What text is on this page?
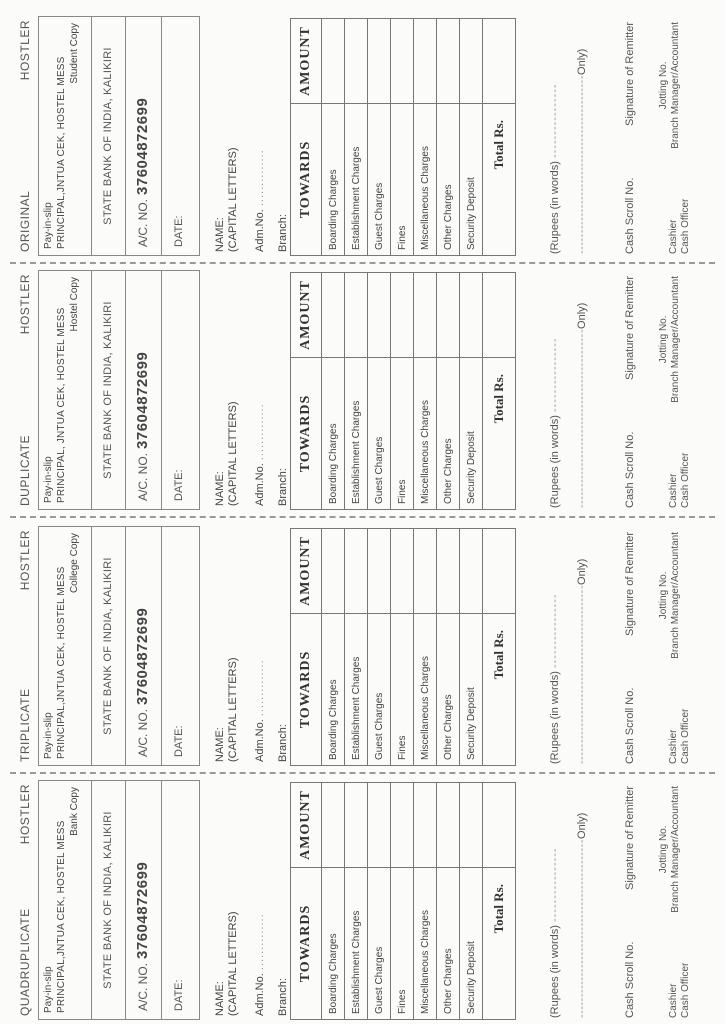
QUADRUPLICATE
HOSTLER
Pay-in-slip PRINCIPAL,JNTUA CEK, HOSTEL MESS
Bank Copy STATE BANK OF INDIA, KALIKIRI A/C. NO.37604872699
DATE:	NAME: (CAPITAL LETTERS) Adm.No. ..............
Branch:
TOWARDS	AMOUNT
Boarding Charges	
Establishment Charges	
Guest Charges	
Fines	
Miscellaneous Charges	
Other Charges	
Security Deposit	
Total Rs.	
(Rupees (in words) ---------------- -------------------------------------------Only)
Cash Scroll No.
Signature of Remitter
Cashier Cash Officer
Jotting No. Branch Manager/Accountant
TRIPLICATE
HOSTLER
Pay-in-slip PRINCIPAL,JNTUA CEK, HOSTEL MESS
College Copy STATE BANK OF INDIA, KALIKIRI A/C. NO.37604872699
DATE:	NAME: (CAPITAL LETTERS) Adm.No. ..............
Branch:
TOWARDS	AMOUNT
Boarding Charges	
Establishment Charges	
Guest Charges	
Fines	
Miscellaneous Charges	
Other Charges	
Security Deposit	
Total Rs.	
(Rupees (in words) ---------------- -------------------------------------------Only)
Cash Scroll No.
Signature of Remitter
Cashier Cash Officer
Jotting No. Branch Manager/Accountant
DUPLICATE
HOSTLER
Pay-in-slip PRINCIPAL, JNTUA CEK, HOSTEL MESS
Hostel Copy STATE BANK OF INDIA, KALIKIRI A/C. NO.37604872699
DATE:	NAME: (CAPITAL LETTERS) Adm.No. ..............
Branch:
TOWARDS	AMOUNT
Boarding Charges	
Establishment Charges	
Guest Charges	
Fines	
Miscellaneous Charges	
Other Charges	
Security Deposit	
Total Rs.	
(Rupees (in words) ---------------- -------------------------------------------Only)
Cash Scroll No.
Signature of Remitter
Cashier Cash Officer
Jotting No. Branch Manager/Accountant
ORIGINAL
HOSTLER
Pay-in-slip PRINCIPAL,JNTUA CEK, HOSTEL MESS
Student Copy STATE BANK OF INDIA, KALIKIRI A/C. NO.37604872699
DATE:	NAME: (CAPITAL LETTERS) Adm.No. ..............
Branch:
TOWARDS	AMOUNT
Boarding Charges	
Establishment Charges	
Guest Charges	
Fines	
Miscellaneous Charges	
Other Charges	
Security Deposit	
Total Rs.	
(Rupees (in words) ---------------- -------------------------------------------Only)
Cash Scroll No.
Signature of Remitter
Cashier Cash Officer
Jotting No. Branch Manager/Accountant
